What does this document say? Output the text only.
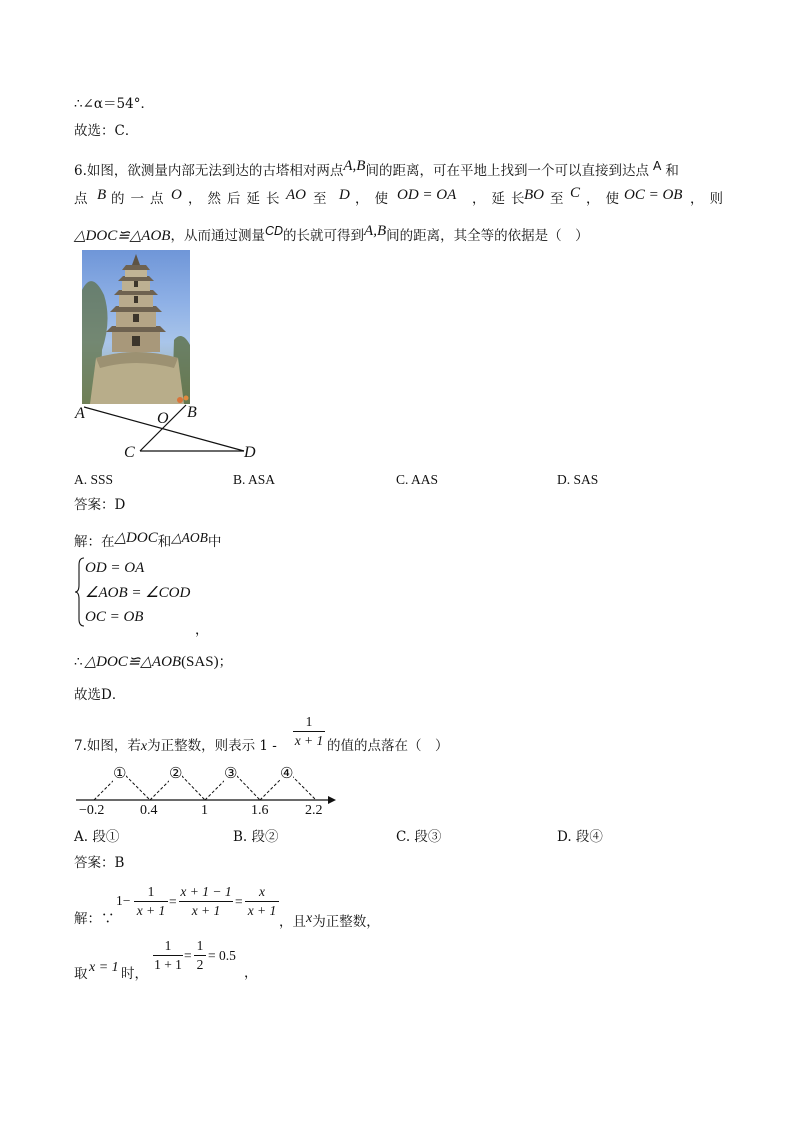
∴∠α＝54°．
故选：C．
6.如图，欲测量内部无法到达的古塔相对两点A,B间的距离，可在平地上找到一个可以直接到达点 A 和
点 B 的一点 O ，然后延长 AO 至 D ，使 OD = OA ，延长
BO 至 C ，使 OC = OB ，则
△DOC≌△AOB，从而通过测量CD的长就可得到A,B间的距离，其全等的依据是（　）
A	B
O
C	D
A. SSS	B. ASA	C. AAS	D. SAS
答案：D
解：在△DOC和△AOB中
OD = OA
∠AOB = ∠COD
OC = OB
，
∴ △DOC≌△AOB(SAS)；
故选D．
7.如图，若x为正整数，则表示 1 -
1
x + 1 的值的点落在（　）
①	②	③	④
−0.2	0.4	1	1.6	2.2
A. 段①	B. 段②	C. 段③	D. 段④
答案：B
解：∵
1−
1
x + 1
=
x + 1 − 1
x + 1
=
x
x + 1
，且x为正整数，
取 x = 1 时，
1
1 + 1
=
1
2
= 0.5
，
